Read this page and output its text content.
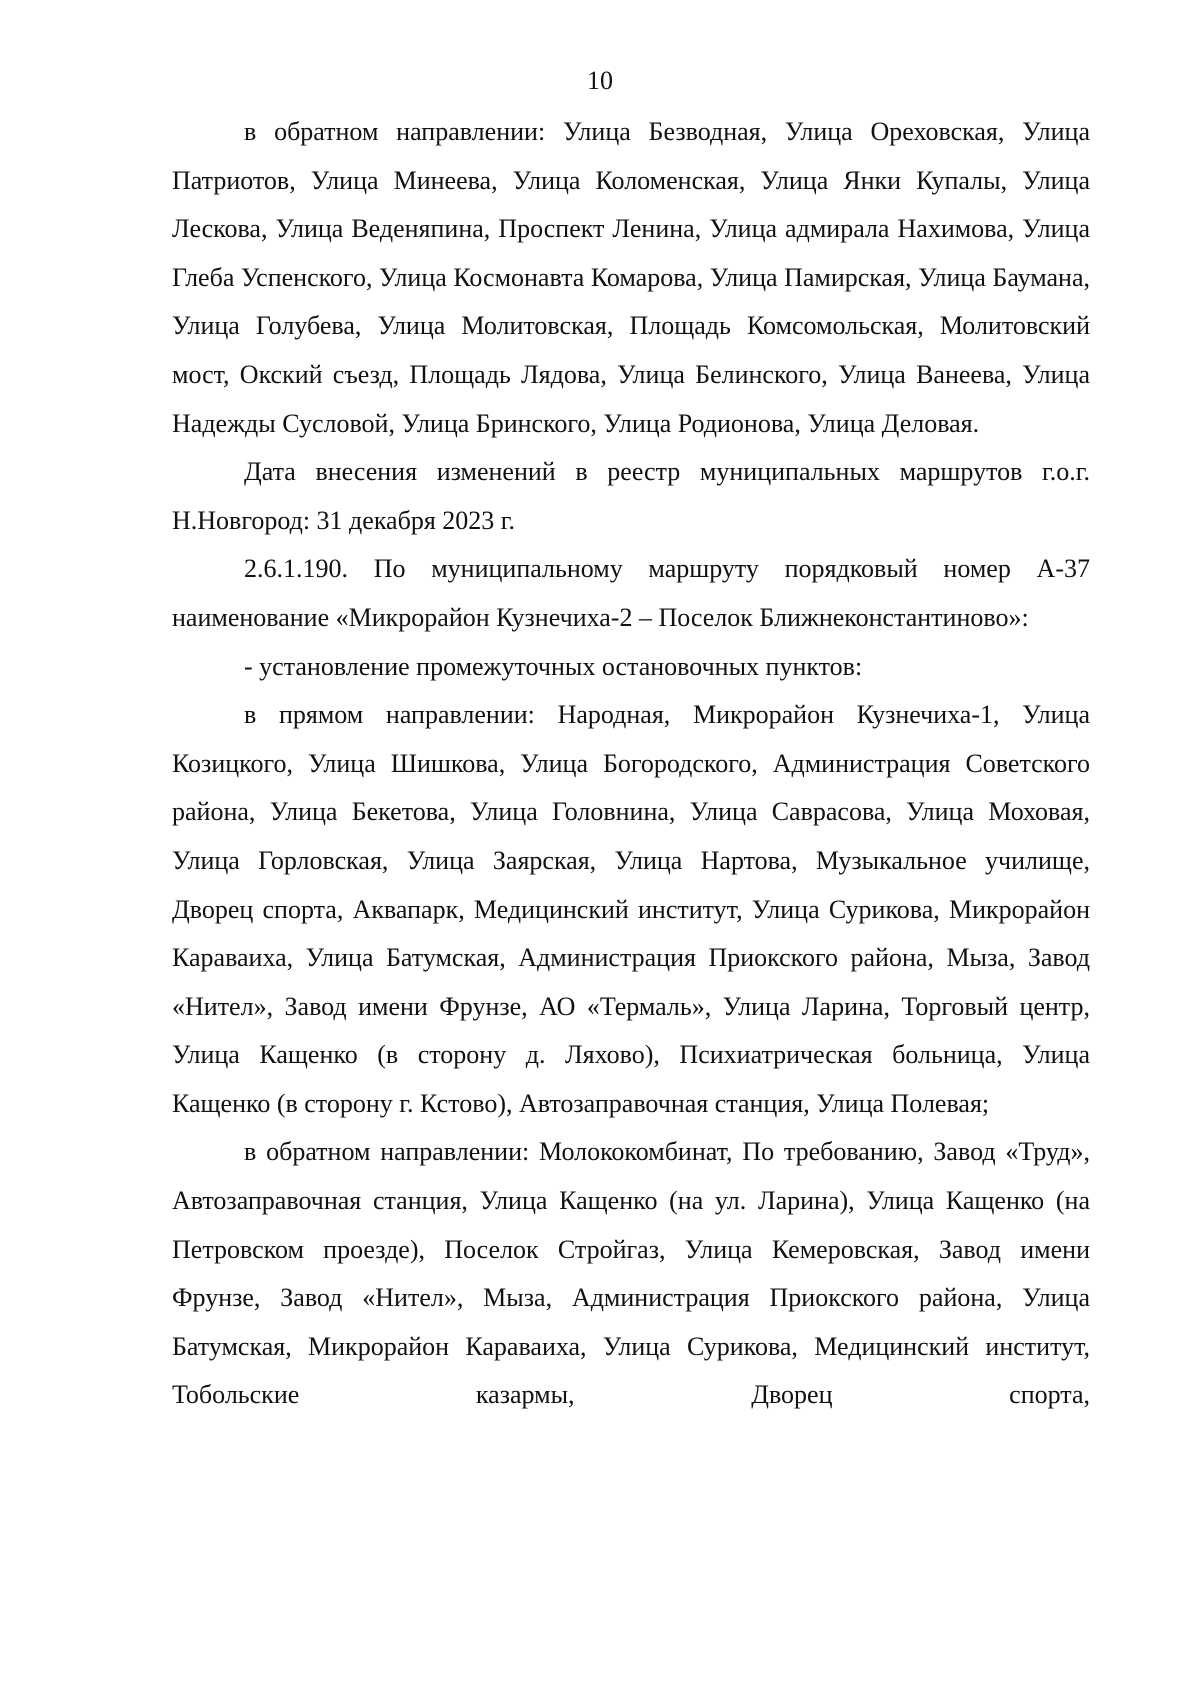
10

в обратном направлении: Улица Безводная, Улица Ореховская, Улица Патриотов, Улица Минеева, Улица Коломенская, Улица Янки Купалы, Улица Лескова, Улица Веденяпина, Проспект Ленина, Улица адмирала Нахимова, Улица Глеба Успенского, Улица Космонавта Комарова, Улица Памирская, Улица Баумана, Улица Голубева, Улица Молитовская, Площадь Комсомольская, Молитовский мост, Окский съезд, Площадь Лядова, Улица Белинского, Улица Ванеева, Улица Надежды Сусловой, Улица Бринского, Улица Родионова, Улица Деловая.

Дата внесения изменений в реестр муниципальных маршрутов г.о.г. Н.Новгород: 31 декабря 2023 г.

2.6.1.190. По муниципальному маршруту порядковый номер А-37 наименование «Микрорайон Кузнечиха-2 – Поселок Ближнеконстантиново»:

- установление промежуточных остановочных пунктов:

в прямом направлении: Народная, Микрорайон Кузнечиха-1, Улица Козицкого, Улица Шишкова, Улица Богородского, Администрация Советского района, Улица Бекетова, Улица Головнина, Улица Саврасова, Улица Моховая, Улица Горловская, Улица Заярская, Улица Нартова, Музыкальное училище, Дворец спорта, Аквапарк, Медицинский институт, Улица Сурикова, Микрорайон Караваиха, Улица Батумская, Администрация Приокского района, Мыза, Завод «Нител», Завод имени Фрунзе, АО «Термаль», Улица Ларина, Торговый центр, Улица Кащенко (в сторону д. Ляхово), Психиатрическая больница, Улица Кащенко (в сторону г. Кстово), Автозаправочная станция, Улица Полевая;

в обратном направлении: Молококомбинат, По требованию, Завод «Труд», Автозаправочная станция, Улица Кащенко (на ул. Ларина), Улица Кащенко (на Петровском проезде), Поселок Стройгаз, Улица Кемеровская, Завод имени Фрунзе, Завод «Нител», Мыза, Администрация Приокского района, Улица Батумская, Микрорайон Караваиха, Улица Сурикова, Медицинский институт, Тобольские казармы, Дворец спорта,
